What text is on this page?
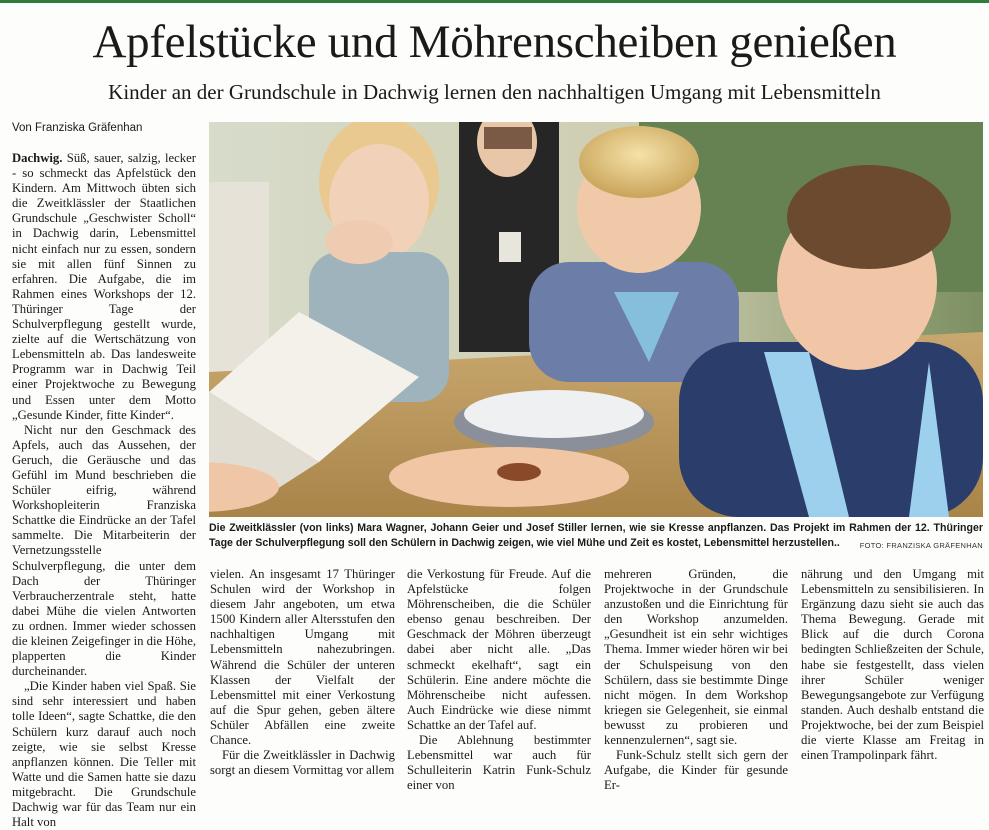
Apfelstücke und Möhrenscheiben genießen
Kinder an der Grundschule in Dachwig lernen den nachhaltigen Umgang mit Lebensmitteln
Von Franziska Gräfenhan

Dachwig. Süß, sauer, salzig, lecker - so schmeckt das Apfelstück den Kindern. Am Mittwoch übten sich die Zweitklässler der Staatlichen Grundschule „Geschwister Scholl“ in Dachwig darin, Lebensmittel nicht einfach nur zu essen, sondern sie mit allen fünf Sinnen zu erfahren. Die Aufgabe, die im Rahmen eines Workshops der 12. Thüringer Tage der Schulverpflegung gestellt wurde, zielte auf die Wertschätzung von Lebensmitteln ab. Das landesweite Programm war in Dachwig Teil einer Projektwoche zu Bewegung und Essen unter dem Motto „Gesunde Kinder, fitte Kinder“.

Nicht nur den Geschmack des Apfels, auch das Aussehen, der Geruch, die Geräusche und das Gefühl im Mund beschrieben die Schüler eifrig, während Workshopleiterin Franziska Schattke die Eindrücke an der Tafel sammelte. Die Mitarbeiterin der Vernetzungsstelle Schulverpflegung, die unter dem Dach der Thüringer Verbraucherzentrale steht, hatte dabei Mühe die vielen Antworten zu ordnen. Immer wieder schossen die kleinen Zeigefinger in die Höhe, plapperten die Kinder durcheinander.

„Die Kinder haben viel Spaß. Sie sind sehr interessiert und haben tolle Ideen“, sagte Schattke, die den Schülern kurz darauf auch noch zeigte, wie sie selbst Kresse anpflanzen können. Die Teller mit Watte und die Samen hatte sie dazu mitgebracht. Die Grundschule Dachwig war für das Team nur ein Halt von

Die Zweitklässler (von links) Mara Wagner, Johann Geier und Josef Stiller lernen, wie sie Kresse anpflanzen. Das Projekt im Rahmen der 12. Thüringer Tage der Schulverpflegung soll den Schülern in Dachwig zeigen, wie viel Mühe und Zeit es kostet, Lebensmittel herzustellen..	FOTO: FRANZISKA GRÄFENHAN

vielen. An insgesamt 17 Thüringer Schulen wird der Workshop in diesem Jahr angeboten, um etwa 1500 Kindern aller Altersstufen den nachhaltigen Umgang mit Lebensmitteln nahezubringen. Während die Schüler der unteren Klassen der Vielfalt der Lebensmittel mit einer Verkostung auf die Spur gehen, geben ältere Schüler Abfällen eine zweite Chance.

Für die Zweitklässler in Dachwig sorgt an diesem Vormittag vor allem

die Verkostung für Freude. Auf die Apfelstücke folgen Möhrenscheiben, die die Schüler ebenso genau beschreiben. Der Geschmack der Möhren überzeugt dabei aber nicht alle. „Das schmeckt ekelhaft“, sagt ein Schülerin. Eine andere möchte die Möhrenscheibe nicht aufessen. Auch Eindrücke wie diese nimmt Schattke an der Tafel auf.

Die Ablehnung bestimmter Lebensmittel war auch für Schulleiterin Katrin Funk-Schulz einer von

mehreren Gründen, die Projektwoche in der Grundschule anzustoßen und die Einrichtung für den Workshop anzumelden. „Gesundheit ist ein sehr wichtiges Thema. Immer wieder hören wir bei der Schulspeisung von den Schülern, dass sie bestimmte Dinge nicht mögen. In dem Workshop kriegen sie Gelegenheit, sie einmal bewusst zu probieren und kennenzulernen“, sagt sie.

Funk-Schulz stellt sich gern der Aufgabe, die Kinder für gesunde Er-

nährung und den Umgang mit Lebensmitteln zu sensibilisieren. In Ergänzung dazu sieht sie auch das Thema Bewegung. Gerade mit Blick auf die durch Corona bedingten Schließzeiten der Schule, habe sie festgestellt, dass vielen ihrer Schüler weniger Bewegungsangebote zur Verfügung standen. Auch deshalb entstand die Projektwoche, bei der zum Beispiel die vierte Klasse am Freitag in einen Trampolinpark fährt.
